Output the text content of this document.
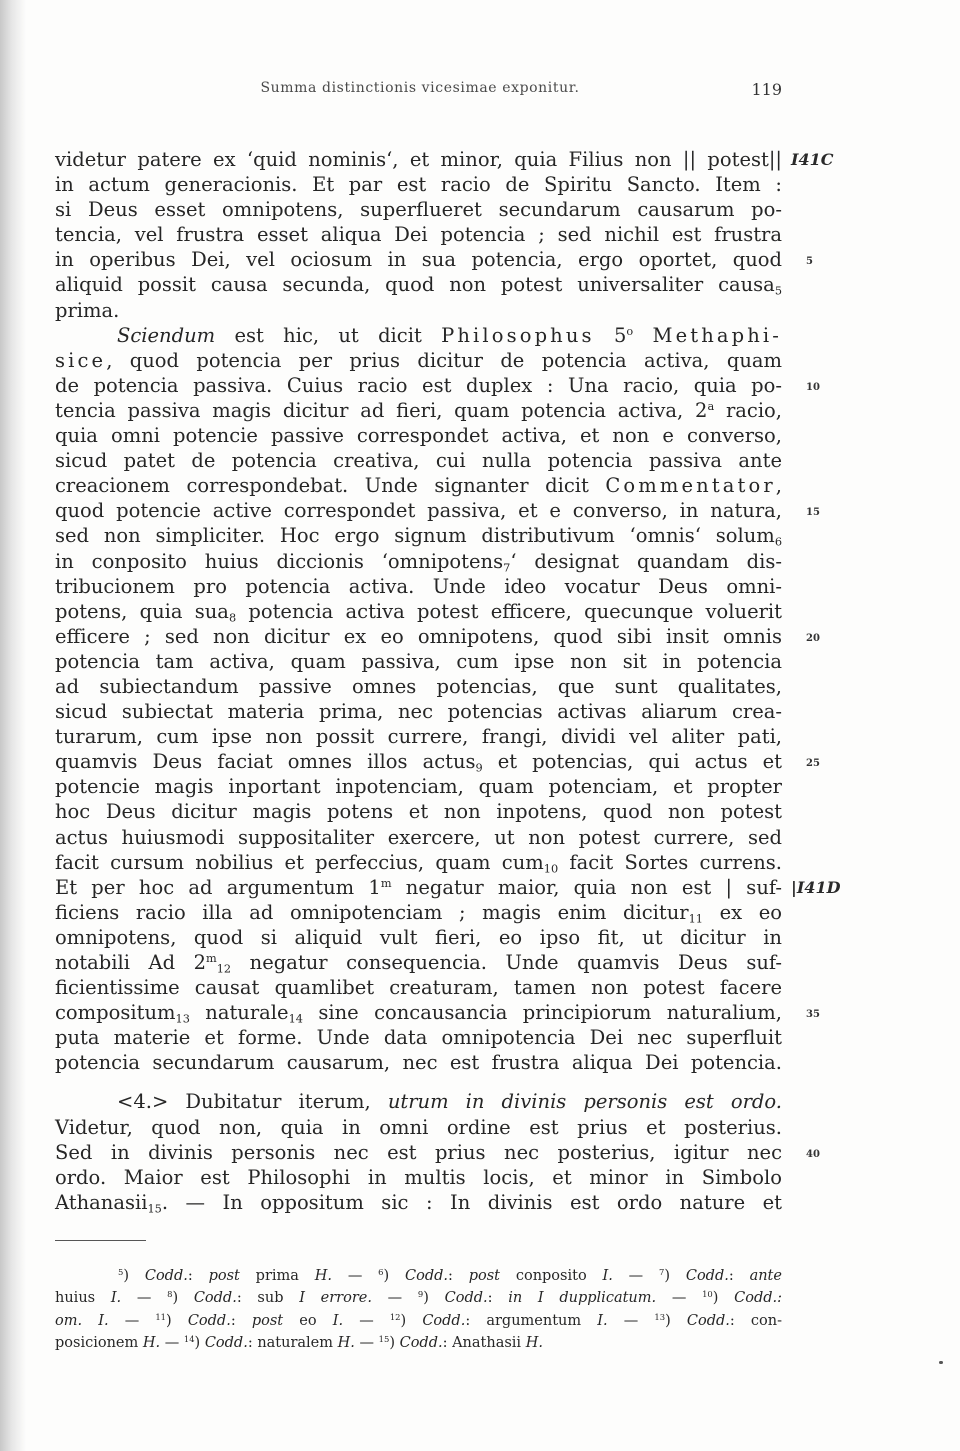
Summa distinctionis vicesimae exponitur.	119
videtur patere ex ‘quid nominis‘, et minor, quia Filius non || potest|| I41C
in actum generacionis. Et par est racio de Spiritu Sancto. Item :
si Deus esset omnipotens, superflueret secundarum causarum po-
tencia, vel frustra esset aliqua Dei potencia ; sed nichil est frustra
in operibus Dei, vel ociosum in sua potencia, ergo oportet, quod 5
aliquid possit causa secunda, quod non potest universaliter causa5
prima.
Sciendum est hic, ut dicit Philosophus 5$^o$ Methaphi-
sice, quod potencia per prius dicitur de potencia activa, quam
de potencia passiva. Cuius racio est duplex : Una racio, quia po- 10
tencia passiva magis dicitur ad fieri, quam potencia activa, 2$^a$ racio,
quia omni potencie passive correspondet activa, et non e converso,
sicud patet de potencia creativa, cui nulla potencia passiva ante
creacionem correspondebat. Unde signanter dicit Commentator,
quod potencie active correspondet passiva, et e converso, in natura, 15
sed non simpliciter. Hoc ergo signum distributivum ‘omnis‘ solum6
in conposito huius diccionis ‘omnipotens7‘ designat quandam dis-
tribucionem pro potencia activa. Unde ideo vocatur Deus omni-
potens, quia sua8 potencia activa potest efficere, quecunque voluerit
efficere ; sed non dicitur ex eo omnipotens, quod sibi insit omnis 20
potencia tam activa, quam passiva, cum ipse non sit in potencia
ad subiectandum passive omnes potencias, que sunt qualitates,
sicud subiectat materia prima, nec potencias activas aliarum crea-
turarum, cum ipse non possit currere, frangi, dividi vel aliter pati,
quamvis Deus faciat omnes illos actus9 et potencias, qui actus et 25
potencie magis inportant inpotenciam, quam potenciam, et propter
hoc Deus dicitur magis potens et non inpotens, quod non potest
actus huiusmodi suppositaliter exercere, ut non potest currere, sed
facit cursum nobilius et perfeccius, quam cum10 facit Sortes currens.
Et per hoc ad argumentum 1$^m$ negatur maior, quia non est | suf- |I41D
ficiens racio illa ad omnipotenciam ; magis enim dicitur11 ex eo
omnipotens, quod si aliquid vult fieri, eo ipso fit, ut dicitur in
notabili Ad 2$^m$12 negatur consequencia. Unde quamvis Deus suf-
ficientissime causat quamlibet creaturam, tamen non potest facere
compositum13 naturale14 sine concausancia principiorum naturalium, 35
puta materie et forme. Unde data omnipotencia Dei nec superfluit
potencia secundarum causarum, nec est frustra aliqua Dei potencia.
<4.> Dubitatur iterum, utrum in divinis personis est ordo.
Videtur, quod non, quia in omni ordine est prius et posterius.
Sed in divinis personis nec est prius nec posterius, igitur nec 40
ordo. Maior est Philosophi in multis locis, et minor in Simbolo
Athanasii15. — In oppositum sic : In divinis est ordo nature et
$^5$) Codd.: post prima H. — $^6$) Codd.: post conposito I. — $^7$) Codd.: ante
huius I. — $^8$) Codd.: sub I errore. — $^9$) Codd.: in I dupplicatum. — $^{10}$) Codd.:
om. I. — $^{11}$) Codd.: post eo I. — $^{12}$) Codd.: argumentum I. — $^{13}$) Codd.: con-
posicionem H. — $^{14}$) Codd.: naturalem H. — $^{15}$) Codd.: Anathasii H.
